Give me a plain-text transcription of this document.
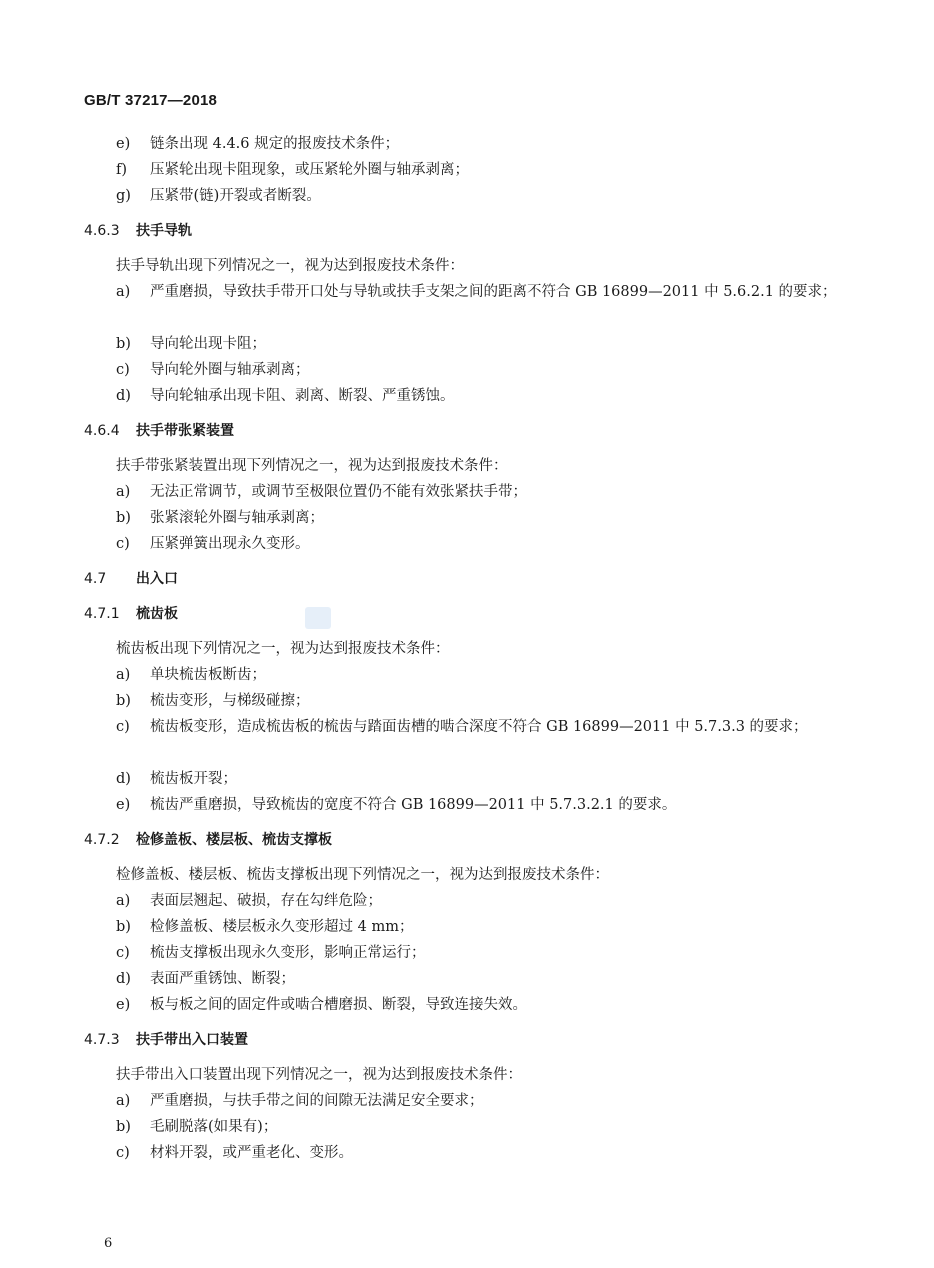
GB/T 37217—2018
e) 链条出现 4.4.6 规定的报废技术条件；
f) 压紧轮出现卡阻现象，或压紧轮外圈与轴承剥离；
g) 压紧带(链)开裂或者断裂。
4.6.3 扶手导轨
扶手导轨出现下列情况之一，视为达到报废技术条件：
a) 严重磨损，导致扶手带开口处与导轨或扶手支架之间的距离不符合 GB 16899—2011 中 5.6.2.1 的要求；
b) 导向轮出现卡阻；
c) 导向轮外圈与轴承剥离；
d) 导向轮轴承出现卡阻、剥离、断裂、严重锈蚀。
4.6.4 扶手带张紧装置
扶手带张紧装置出现下列情况之一，视为达到报废技术条件：
a) 无法正常调节，或调节至极限位置仍不能有效张紧扶手带；
b) 张紧滚轮外圈与轴承剥离；
c) 压紧弹簧出现永久变形。
4.7 出入口
4.7.1 梳齿板
梳齿板出现下列情况之一，视为达到报废技术条件：
a) 单块梳齿板断齿；
b) 梳齿变形，与梯级碰擦；
c) 梳齿板变形，造成梳齿板的梳齿与踏面齿槽的啮合深度不符合 GB 16899—2011 中 5.7.3.3 的要求；
d) 梳齿板开裂；
e) 梳齿严重磨损，导致梳齿的宽度不符合 GB 16899—2011 中 5.7.3.2.1 的要求。
4.7.2 检修盖板、楼层板、梳齿支撑板
检修盖板、楼层板、梳齿支撑板出现下列情况之一，视为达到报废技术条件：
a) 表面层翘起、破损，存在勾绊危险；
b) 检修盖板、楼层板永久变形超过 4 mm；
c) 梳齿支撑板出现永久变形，影响正常运行；
d) 表面严重锈蚀、断裂；
e) 板与板之间的固定件或啮合槽磨损、断裂，导致连接失效。
4.7.3 扶手带出入口装置
扶手带出入口装置出现下列情况之一，视为达到报废技术条件：
a) 严重磨损，与扶手带之间的间隙无法满足安全要求；
b) 毛刷脱落(如果有)；
c) 材料开裂，或严重老化、变形。
6
